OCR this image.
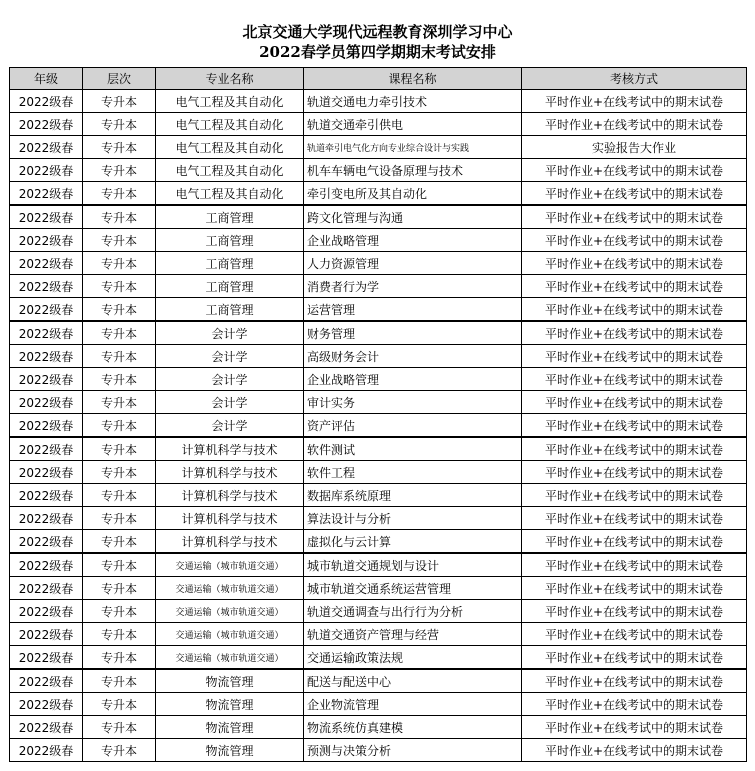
北京交通大学现代远程教育深圳学习中心
2022春学员第四学期期末考试安排
年级	层次	专业名称	课程名称	考核方式
2022级春	专升本	电气工程及其自动化	轨道交通电力牵引技术	平时作业+在线考试中的期末试卷
2022级春	专升本	电气工程及其自动化	轨道交通牵引供电	平时作业+在线考试中的期末试卷
2022级春	专升本	电气工程及其自动化	轨道牵引电气化方向专业综合设计与实践	实验报告大作业
2022级春	专升本	电气工程及其自动化	机车车辆电气设备原理与技术	平时作业+在线考试中的期末试卷
2022级春	专升本	电气工程及其自动化	牵引变电所及其自动化	平时作业+在线考试中的期末试卷
2022级春	专升本	工商管理	跨文化管理与沟通	平时作业+在线考试中的期末试卷
2022级春	专升本	工商管理	企业战略管理	平时作业+在线考试中的期末试卷
2022级春	专升本	工商管理	人力资源管理	平时作业+在线考试中的期末试卷
2022级春	专升本	工商管理	消费者行为学	平时作业+在线考试中的期末试卷
2022级春	专升本	工商管理	运营管理	平时作业+在线考试中的期末试卷
2022级春	专升本	会计学	财务管理	平时作业+在线考试中的期末试卷
2022级春	专升本	会计学	高级财务会计	平时作业+在线考试中的期末试卷
2022级春	专升本	会计学	企业战略管理	平时作业+在线考试中的期末试卷
2022级春	专升本	会计学	审计实务	平时作业+在线考试中的期末试卷
2022级春	专升本	会计学	资产评估	平时作业+在线考试中的期末试卷
2022级春	专升本	计算机科学与技术	软件测试	平时作业+在线考试中的期末试卷
2022级春	专升本	计算机科学与技术	软件工程	平时作业+在线考试中的期末试卷
2022级春	专升本	计算机科学与技术	数据库系统原理	平时作业+在线考试中的期末试卷
2022级春	专升本	计算机科学与技术	算法设计与分析	平时作业+在线考试中的期末试卷
2022级春	专升本	计算机科学与技术	虚拟化与云计算	平时作业+在线考试中的期末试卷
2022级春	专升本	交通运输（城市轨道交通）	城市轨道交通规划与设计	平时作业+在线考试中的期末试卷
2022级春	专升本	交通运输（城市轨道交通）	城市轨道交通系统运营管理	平时作业+在线考试中的期末试卷
2022级春	专升本	交通运输（城市轨道交通）	轨道交通调查与出行行为分析	平时作业+在线考试中的期末试卷
2022级春	专升本	交通运输（城市轨道交通）	轨道交通资产管理与经营	平时作业+在线考试中的期末试卷
2022级春	专升本	交通运输（城市轨道交通）	交通运输政策法规	平时作业+在线考试中的期末试卷
2022级春	专升本	物流管理	配送与配送中心	平时作业+在线考试中的期末试卷
2022级春	专升本	物流管理	企业物流管理	平时作业+在线考试中的期末试卷
2022级春	专升本	物流管理	物流系统仿真建模	平时作业+在线考试中的期末试卷
2022级春	专升本	物流管理	预测与决策分析	平时作业+在线考试中的期末试卷
